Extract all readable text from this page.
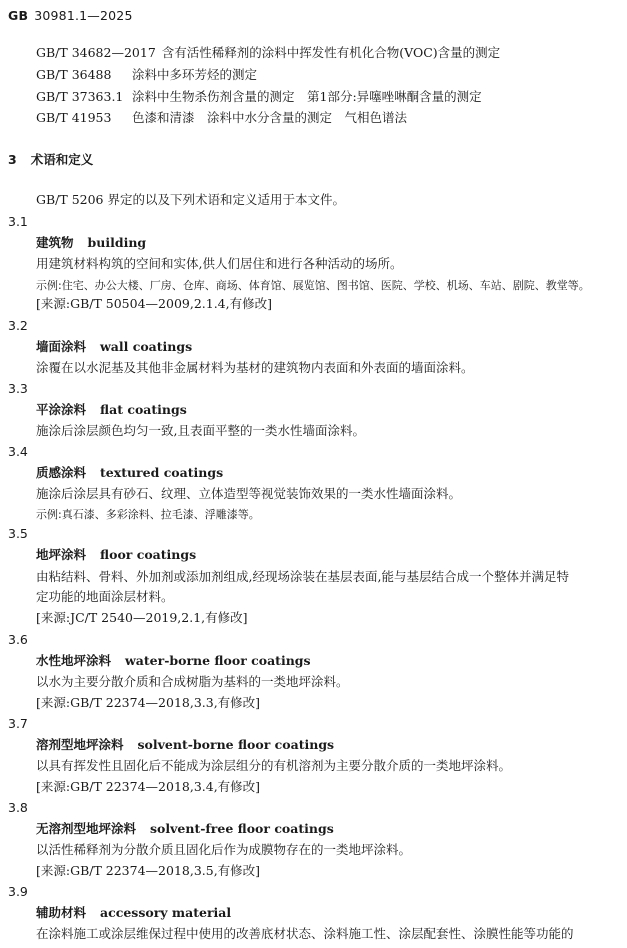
GB 30981.1—2025
GB/T 34682—2017 含有活性稀释剂的涂料中挥发性有机化合物(VOC)含量的测定
GB/T 36488 涂料中多环芳烃的测定
GB/T 37363.1 涂料中生物杀伤剂含量的测定　第1部分:异噻唑啉酮含量的测定
GB/T 41953 色漆和清漆　涂料中水分含量的测定　气相色谱法
3 术语和定义
GB/T 5206 界定的以及下列术语和定义适用于本文件。
3.1
建筑物 building
用建筑材料构筑的空间和实体,供人们居住和进行各种活动的场所。
示例:住宅、办公大楼、厂房、仓库、商场、体育馆、展览馆、图书馆、医院、学校、机场、车站、剧院、教堂等。
[来源:GB/T 50504—2009,2.1.4,有修改]
3.2
墙面涂料 wall coatings
涂覆在以水泥基及其他非金属材料为基材的建筑物内表面和外表面的墙面涂料。
3.3
平涂涂料 flat coatings
施涂后涂层颜色均匀一致,且表面平整的一类水性墙面涂料。
3.4
质感涂料 textured coatings
施涂后涂层具有砂石、纹理、立体造型等视觉装饰效果的一类水性墙面涂料。
示例:真石漆、多彩涂料、拉毛漆、浮雕漆等。
3.5
地坪涂料 floor coatings
由粘结料、骨料、外加剂或添加剂组成,经现场涂装在基层表面,能与基层结合成一个整体并满足特
定功能的地面涂层材料。
[来源:JC/T 2540—2019,2.1,有修改]
3.6
水性地坪涂料 water-borne floor coatings
以水为主要分散介质和合成树脂为基料的一类地坪涂料。
[来源:GB/T 22374—2018,3.3,有修改]
3.7
溶剂型地坪涂料 solvent-borne floor coatings
以具有挥发性且固化后不能成为涂层组分的有机溶剂为主要分散介质的一类地坪涂料。
[来源:GB/T 22374—2018,3.4,有修改]
3.8
无溶剂型地坪涂料 solvent-free floor coatings
以活性稀释剂为分散介质且固化后作为成膜物存在的一类地坪涂料。
[来源:GB/T 22374—2018,3.5,有修改]
3.9
辅助材料 accessory material
在涂料施工或涂层维保过程中使用的改善底材状态、涂料施工性、涂层配套性、涂膜性能等功能的
